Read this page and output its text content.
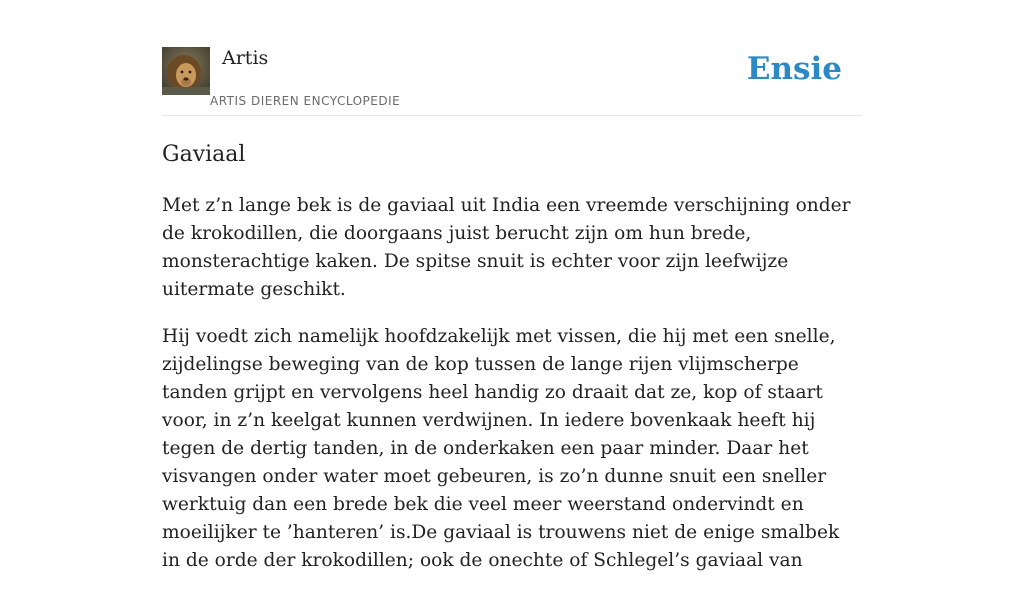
Artis
ARTIS DIEREN ENCYCLOPEDIE
Ensie
Gaviaal

Met z’n lange bek is de gaviaal uit India een vreemde verschijning onder de krokodillen, die doorgaans juist berucht zijn om hun brede, monsterachtige kaken. De spitse snuit is echter voor zijn leefwijze uitermate geschikt.

Hij voedt zich namelijk hoofdzakelijk met vissen, die hij met een snelle, zijdelingse beweging van de kop tussen de lange rijen vlijmscherpe tanden grijpt en vervolgens heel handig zo draait dat ze, kop of staart voor, in z’n keelgat kunnen verdwijnen. In iedere bovenkaak heeft hij tegen de dertig tanden, in de onderkaken een paar minder. Daar het visvangen onder water moet gebeuren, is zo’n dunne snuit een sneller werktuig dan een brede bek die veel meer weerstand ondervindt en moeilijker te ’hanteren’ is.De gaviaal is trouwens niet de enige smalbek in de orde der krokodillen; ook de onechte of Schlegel’s gaviaal van
